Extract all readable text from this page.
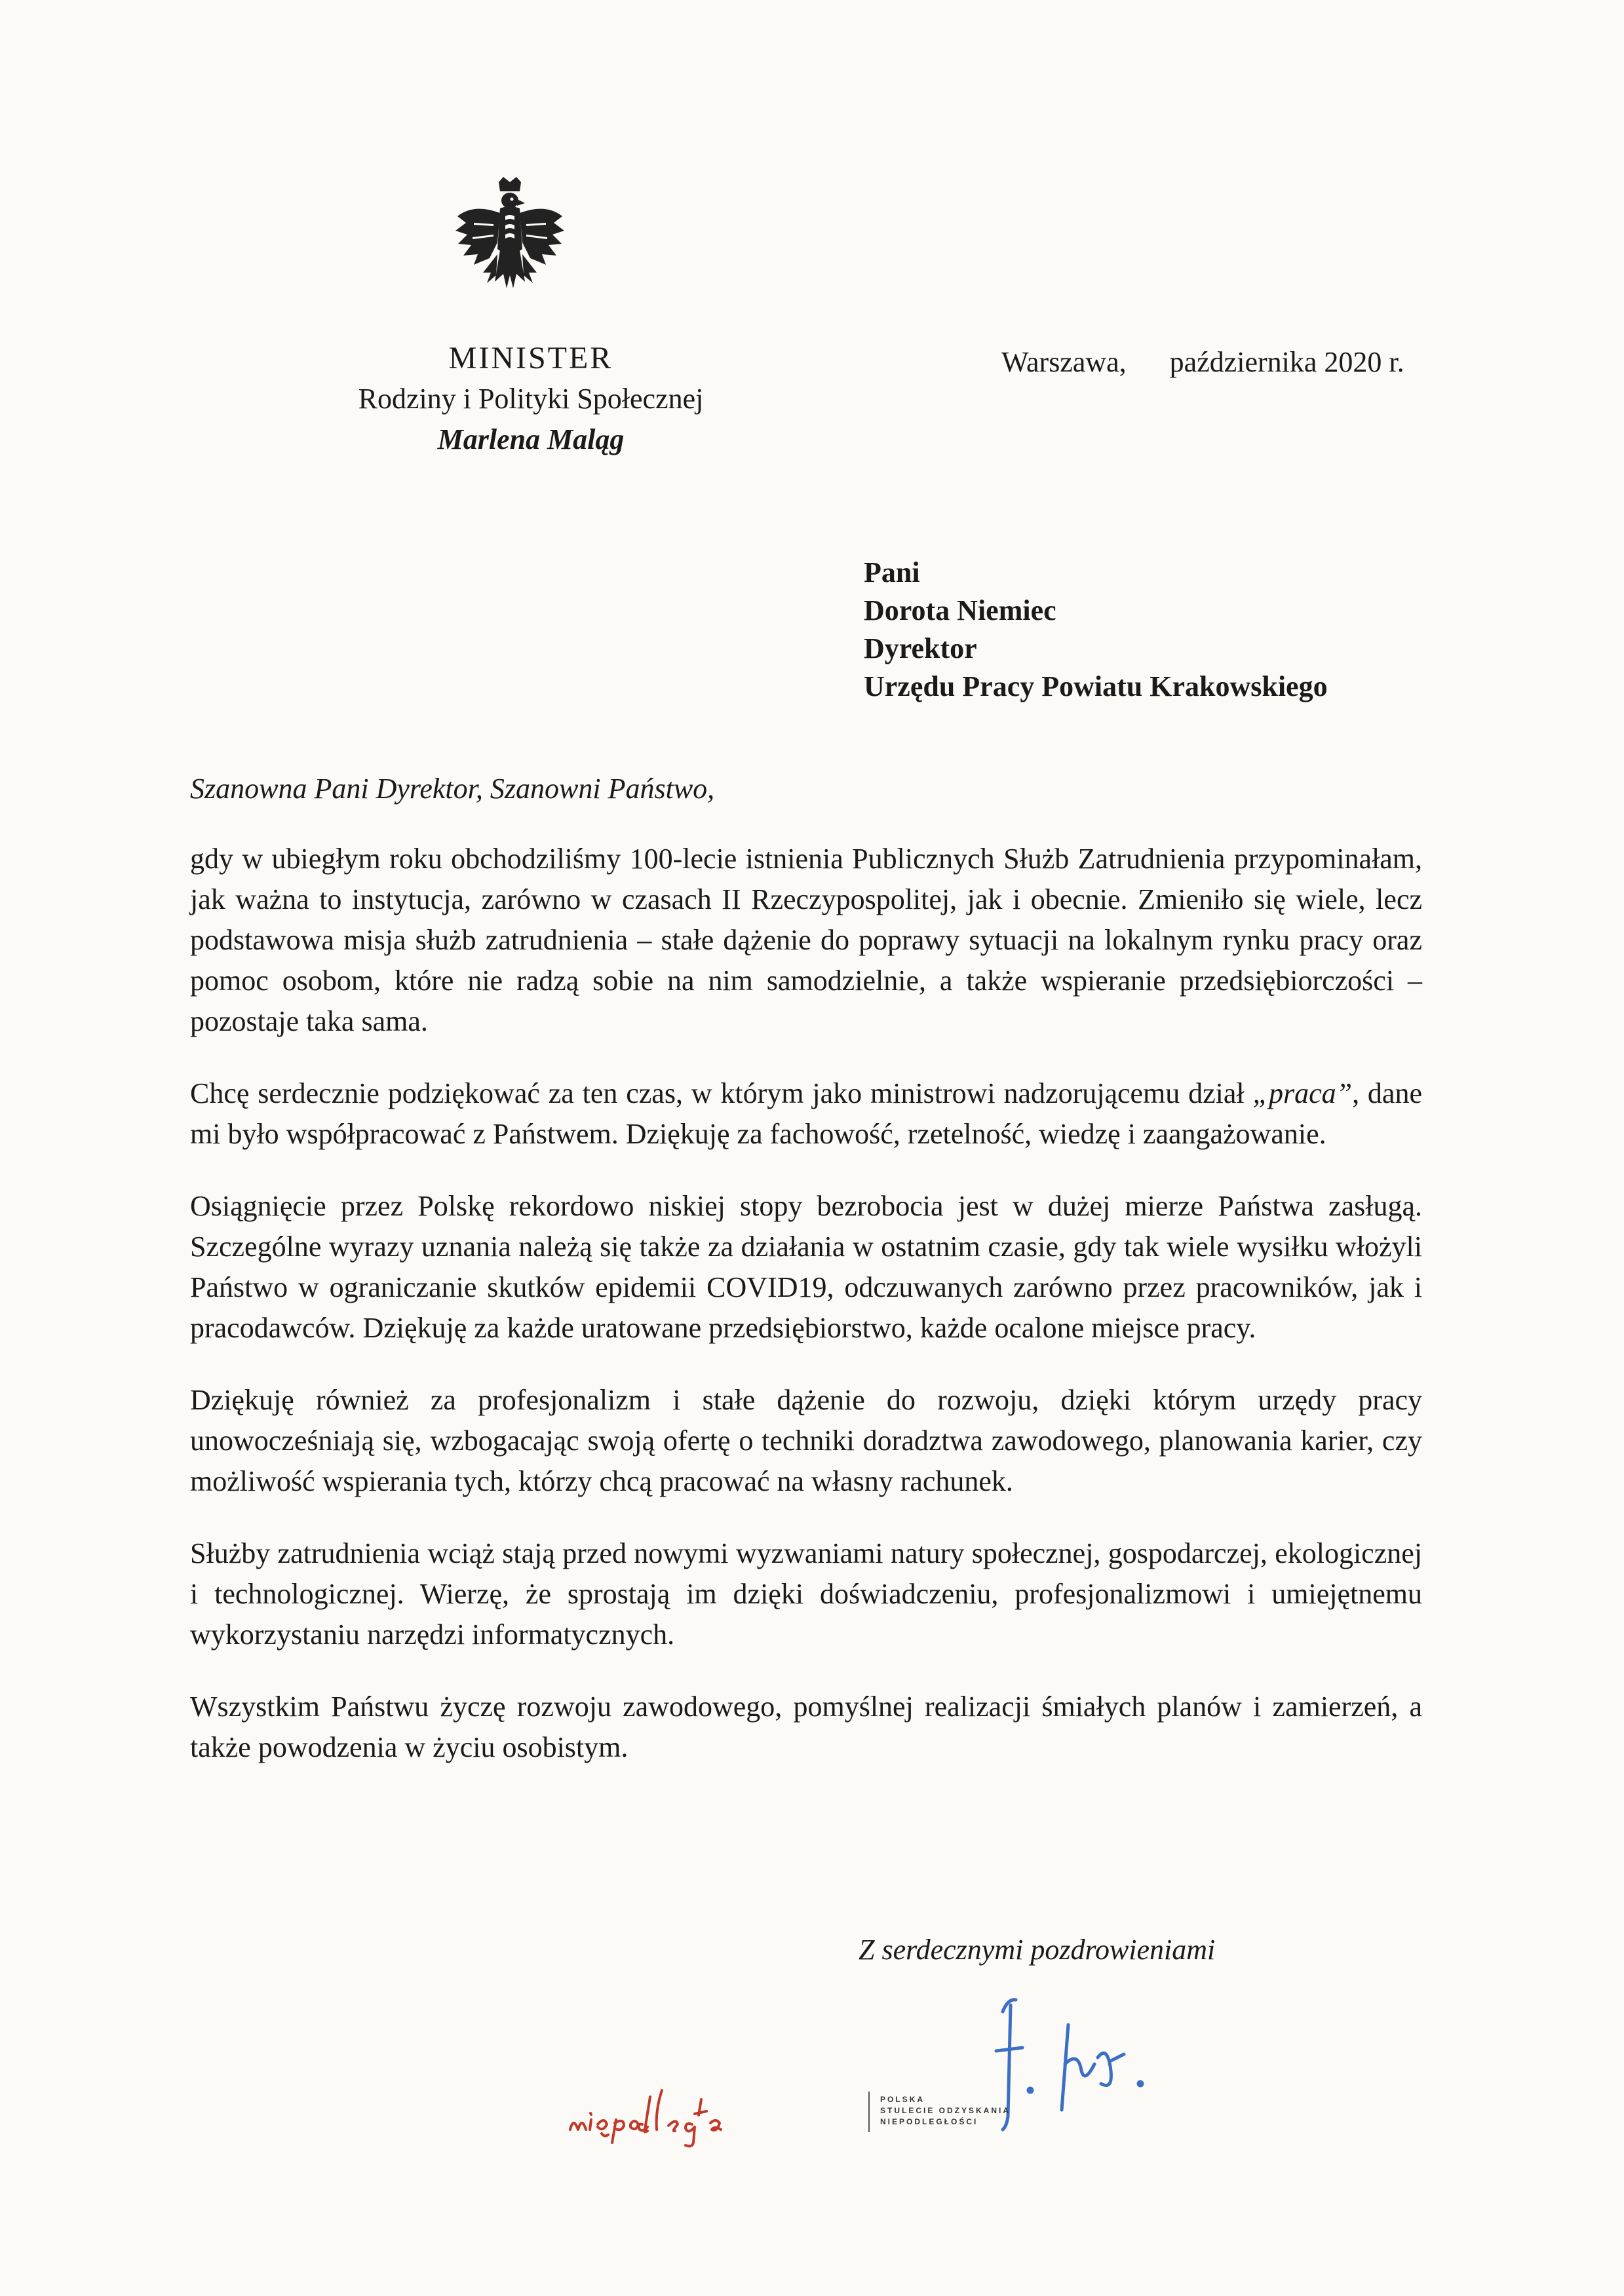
MINISTER
Rodziny i Polityki Społecznej
Marlena Maląg
Warszawa,      października 2020 r.
Pani
Dorota Niemiec
Dyrektor
Urzędu Pracy Powiatu Krakowskiego
Szanowna Pani Dyrektor, Szanowni Państwo,

gdy w ubiegłym roku obchodziliśmy 100-lecie istnienia Publicznych Służb Zatrudnienia przypominałam, jak ważna to instytucja, zarówno w czasach II Rzeczypospolitej, jak i obecnie. Zmieniło się wiele, lecz podstawowa misja służb zatrudnienia – stałe dążenie do poprawy sytuacji na lokalnym rynku pracy oraz pomoc osobom, które nie radzą sobie na nim samodzielnie, a także wspieranie przedsiębiorczości – pozostaje taka sama.

Chcę serdecznie podziękować za ten czas, w którym jako ministrowi nadzorującemu dział „praca”, dane mi było współpracować z Państwem. Dziękuję za fachowość, rzetelność, wiedzę i zaangażowanie.

Osiągnięcie przez Polskę rekordowo niskiej stopy bezrobocia jest w dużej mierze Państwa zasługą. Szczególne wyrazy uznania należą się także za działania w ostatnim czasie, gdy tak wiele wysiłku włożyli Państwo w ograniczanie skutków epidemii COVID19, odczuwanych zarówno przez pracowników, jak i pracodawców. Dziękuję za każde uratowane przedsiębiorstwo, każde ocalone miejsce pracy.

Dziękuję również za profesjonalizm i stałe dążenie do rozwoju, dzięki którym urzędy pracy unowocześniają się, wzbogacając swoją ofertę o techniki doradztwa zawodowego, planowania karier, czy możliwość wspierania tych, którzy chcą pracować na własny rachunek.

Służby zatrudnienia wciąż stają przed nowymi wyzwaniami natury społecznej, gospodarczej, ekologicznej i technologicznej. Wierzę, że sprostają im dzięki doświadczeniu, profesjonalizmowi i umiejętnemu wykorzystaniu narzędzi informatycznych.

Wszystkim Państwu życzę rozwoju zawodowego, pomyślnej realizacji śmiałych planów i zamierzeń, a także powodzenia w życiu osobistym.

Z serdecznymi pozdrowieniami
POLSKA
STULECIE ODZYSKANIA
NIEPODLEGŁOŚCI
